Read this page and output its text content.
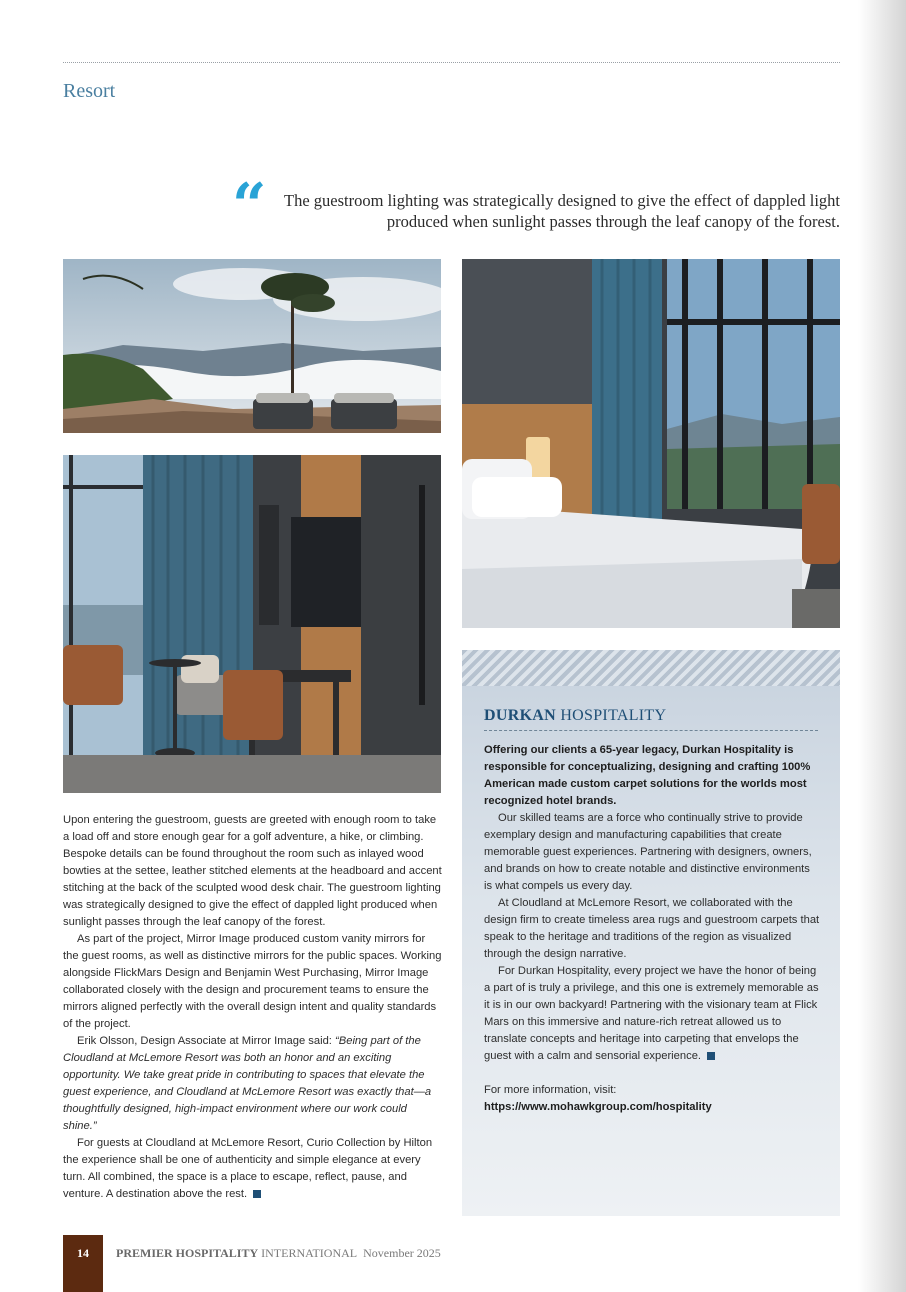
Resort
“	The guestroom lighting was strategically designed to give the effect of dappled light produced when sunlight passes through the leaf canopy of the forest.

Upon entering the guestroom, guests are greeted with enough room to take a load off and store enough gear for a golf adventure, a hike, or climbing. Bespoke details can be found throughout the room such as inlayed wood bowties at the settee, leather stitched elements at the headboard and accent stitching at the back of the sculpted wood desk chair. The guestroom lighting was strategically designed to give the effect of dappled light produced when sunlight passes through the leaf canopy of the forest.

As part of the project, Mirror Image produced custom vanity mirrors for the guest rooms, as well as distinctive mirrors for the public spaces. Working alongside FlickMars Design and Benjamin West Purchasing, Mirror Image collaborated closely with the design and procurement teams to ensure the mirrors aligned perfectly with the overall design intent and quality standards of the project.

Erik Olsson, Design Associate at Mirror Image said: “Being part of the Cloudland at McLemore Resort was both an honor and an exciting opportunity. We take great pride in contributing to spaces that elevate the guest experience, and Cloudland at McLemore Resort was exactly that—a thoughtfully designed, high-impact environment where our work could shine.”

For guests at Cloudland at McLemore Resort, Curio Collection by Hilton the experience shall be one of authenticity and simple elegance at every turn. All combined, the space is a place to escape, reflect, pause, and venture. A destination above the rest.

DURKAN HOSPITALITY

Offering our clients a 65-year legacy, Durkan Hospitality is responsible for conceptualizing, designing and crafting 100% American made custom carpet solutions for the worlds most recognized hotel brands.

Our skilled teams are a force who continually strive to provide exemplary design and manufacturing capabilities that create memorable guest experiences. Partnering with designers, owners, and brands on how to create notable and distinctive environments is what compels us every day.

At Cloudland at McLemore Resort, we collaborated with the design firm to create timeless area rugs and guestroom carpets that speak to the heritage and traditions of the region as visualized through the design narrative.

For Durkan Hospitality, every project we have the honor of being a part of is truly a privilege, and this one is extremely memorable as it is in our own backyard! Partnering with the visionary team at Flick Mars on this immersive and nature-rich retreat allowed us to translate concepts and heritage into carpeting that envelops the guest with a calm and sensorial experience.

For more information, visit:

https://www.mohawkgroup.com/hospitality

14	PREMIER HOSPITALITY INTERNATIONAL November 2025
